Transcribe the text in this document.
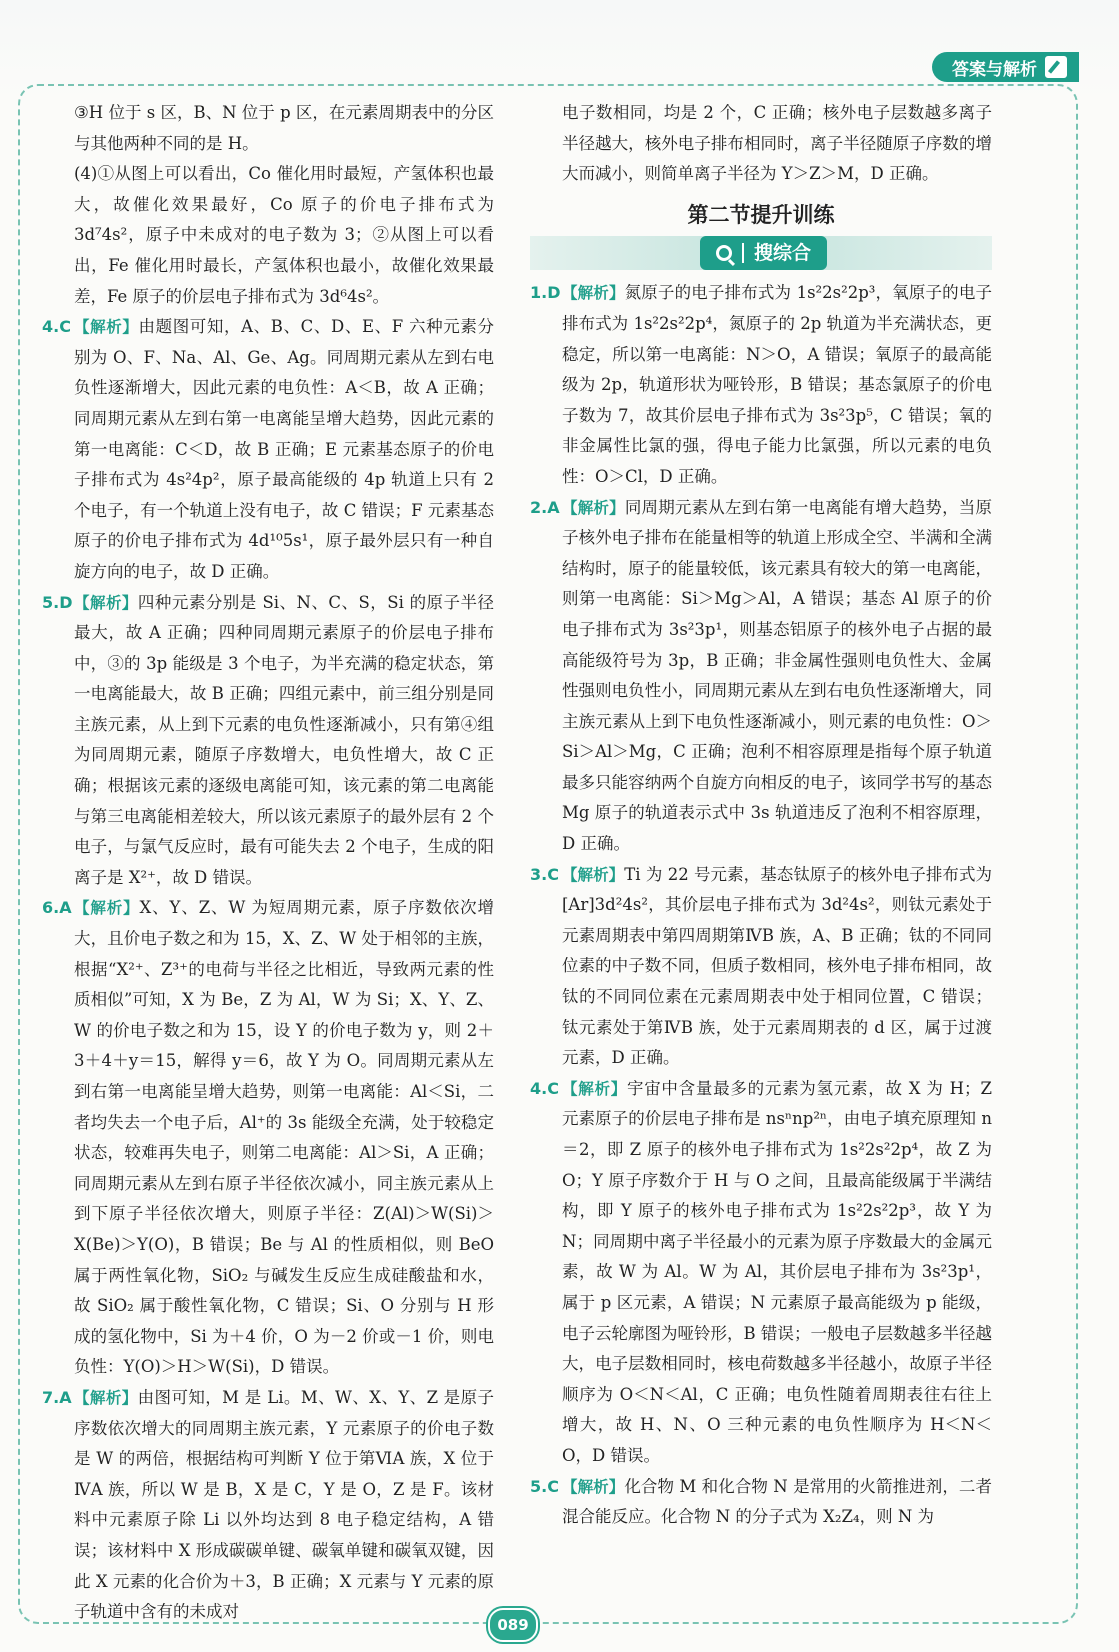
答案与解析

③H 位于 s 区，B、N 位于 p 区，在元素周期表中的分区与其他两种不同的是 H。

(4)①从图上可以看出，Co 催化用时最短，产氢体积也最大，故催化效果最好，Co 原子的价电子排布式为 3d⁷4s²，原子中未成对的电子数为 3；②从图上可以看出，Fe 催化用时最长，产氢体积也最小，故催化效果最差，Fe 原子的价层电子排布式为 3d⁶4s²。

4.C 【解析】由题图可知，A、B、C、D、E、F 六种元素分别为 O、F、Na、Al、Ge、Ag。同周期元素从左到右电负性逐渐增大，因此元素的电负性：A＜B，故 A 正确；同周期元素从左到右第一电离能呈增大趋势，因此元素的第一电离能：C＜D，故 B 正确；E 元素基态原子的价电子排布式为 4s²4p²，原子最高能级的 4p 轨道上只有 2 个电子，有一个轨道上没有电子，故 C 错误；F 元素基态原子的价电子排布式为 4d¹⁰5s¹，原子最外层只有一种自旋方向的电子，故 D 正确。
5.D 【解析】四种元素分别是 Si、N、C、S，Si 的原子半径最大，故 A 正确；四种同周期元素原子的价层电子排布中，③的 3p 能级是 3 个电子，为半充满的稳定状态，第一电离能最大，故 B 正确；四组元素中，前三组分别是同主族元素，从上到下元素的电负性逐渐减小，只有第④组为同周期元素，随原子序数增大，电负性增大，故 C 正确；根据该元素的逐级电离能可知，该元素的第二电离能与第三电离能相差较大，所以该元素原子的最外层有 2 个电子，与氯气反应时，最有可能失去 2 个电子，生成的阳离子是 X²⁺，故 D 错误。
6.A 【解析】X、Y、Z、W 为短周期元素，原子序数依次增大，且价电子数之和为 15，X、Z、W 处于相邻的主族，根据“X²⁺、Z³⁺的电荷与半径之比相近，导致两元素的性质相似”可知，X 为 Be，Z 为 Al，W 为 Si；X、Y、Z、W 的价电子数之和为 15，设 Y 的价电子数为 y，则 2＋3＋4＋y＝15，解得 y＝6，故 Y 为 O。同周期元素从左到右第一电离能呈增大趋势，则第一电离能：Al＜Si，二者均失去一个电子后，Al⁺的 3s 能级全充满，处于较稳定状态，较难再失电子，则第二电离能：Al＞Si，A 正确；同周期元素从左到右原子半径依次减小，同主族元素从上到下原子半径依次增大，则原子半径：Z(Al)＞W(Si)＞X(Be)＞Y(O)，B 错误；Be 与 Al 的性质相似，则 BeO 属于两性氧化物，SiO₂ 与碱发生反应生成硅酸盐和水，故 SiO₂ 属于酸性氧化物，C 错误；Si、O 分别与 H 形成的氢化物中，Si 为＋4 价，O 为－2 价或－1 价，则电负性：Y(O)＞H＞W(Si)，D 错误。
7.A 【解析】由图可知，M 是 Li。M、W、X、Y、Z 是原子序数依次增大的同周期主族元素，Y 元素原子的价电子数是 W 的两倍，根据结构可判断 Y 位于第ⅥA 族，X 位于ⅣA 族，所以 W 是 B，X 是 C，Y 是 O，Z 是 F。该材料中元素原子除 Li 以外均达到 8 电子稳定结构，A 错误；该材料中 X 形成碳碳单键、碳氧单键和碳氧双键，因此 X 元素的化合价为＋3，B 正确；X 元素与 Y 元素的原子轨道中含有的未成对

电子数相同，均是 2 个，C 正确；核外电子层数越多离子半径越大，核外电子排布相同时，离子半径随原子序数的增大而减小，则简单离子半径为 Y＞Z＞M，D 正确。

第二节提升训练
搜综合
1.D 【解析】氮原子的电子排布式为 1s²2s²2p³，氧原子的电子排布式为 1s²2s²2p⁴，氮原子的 2p 轨道为半充满状态，更稳定，所以第一电离能：N＞O，A 错误；氧原子的最高能级为 2p，轨道形状为哑铃形，B 错误；基态氯原子的价电子数为 7，故其价层电子排布式为 3s²3p⁵，C 错误；氧的非金属性比氯的强，得电子能力比氯强，所以元素的电负性：O＞Cl，D 正确。
2.A 【解析】同周期元素从左到右第一电离能有增大趋势，当原子核外电子排布在能量相等的轨道上形成全空、半满和全满结构时，原子的能量较低，该元素具有较大的第一电离能，则第一电离能：Si＞Mg＞Al，A 错误；基态 Al 原子的价电子排布式为 3s²3p¹，则基态铝原子的核外电子占据的最高能级符号为 3p，B 正确；非金属性强则电负性大、金属性强则电负性小，同周期元素从左到右电负性逐渐增大，同主族元素从上到下电负性逐渐减小，则元素的电负性：O＞Si＞Al＞Mg，C 正确；泡利不相容原理是指每个原子轨道最多只能容纳两个自旋方向相反的电子，该同学书写的基态 Mg 原子的轨道表示式中 3s 轨道违反了泡利不相容原理，D 正确。
3.C 【解析】Ti 为 22 号元素，基态钛原子的核外电子排布式为[Ar]3d²4s²，其价层电子排布式为 3d²4s²，则钛元素处于元素周期表中第四周期第ⅣB 族，A、B 正确；钛的不同同位素的中子数不同，但质子数相同，核外电子排布相同，故钛的不同同位素在元素周期表中处于相同位置，C 错误；钛元素处于第ⅣB 族，处于元素周期表的 d 区，属于过渡元素，D 正确。
4.C 【解析】宇宙中含量最多的元素为氢元素，故 X 为 H；Z 元素原子的价层电子排布是 nsⁿnp²ⁿ，由电子填充原理知 n＝2，即 Z 原子的核外电子排布式为 1s²2s²2p⁴，故 Z 为 O；Y 原子序数介于 H 与 O 之间，且最高能级属于半满结构，即 Y 原子的核外电子排布式为 1s²2s²2p³，故 Y 为 N；同周期中离子半径最小的元素为原子序数最大的金属元素，故 W 为 Al。W 为 Al，其价层电子排布为 3s²3p¹，属于 p 区元素，A 错误；N 元素原子最高能级为 p 能级，电子云轮廓图为哑铃形，B 错误；一般电子层数越多半径越大，电子层数相同时，核电荷数越多半径越小，故原子半径顺序为 O＜N＜Al，C 正确；电负性随着周期表往右往上增大，故 H、N、O 三种元素的电负性顺序为 H＜N＜O，D 错误。
5.C 【解析】化合物 M 和化合物 N 是常用的火箭推进剂，二者混合能反应。化合物 N 的分子式为 X₂Z₄，则 N 为
089
